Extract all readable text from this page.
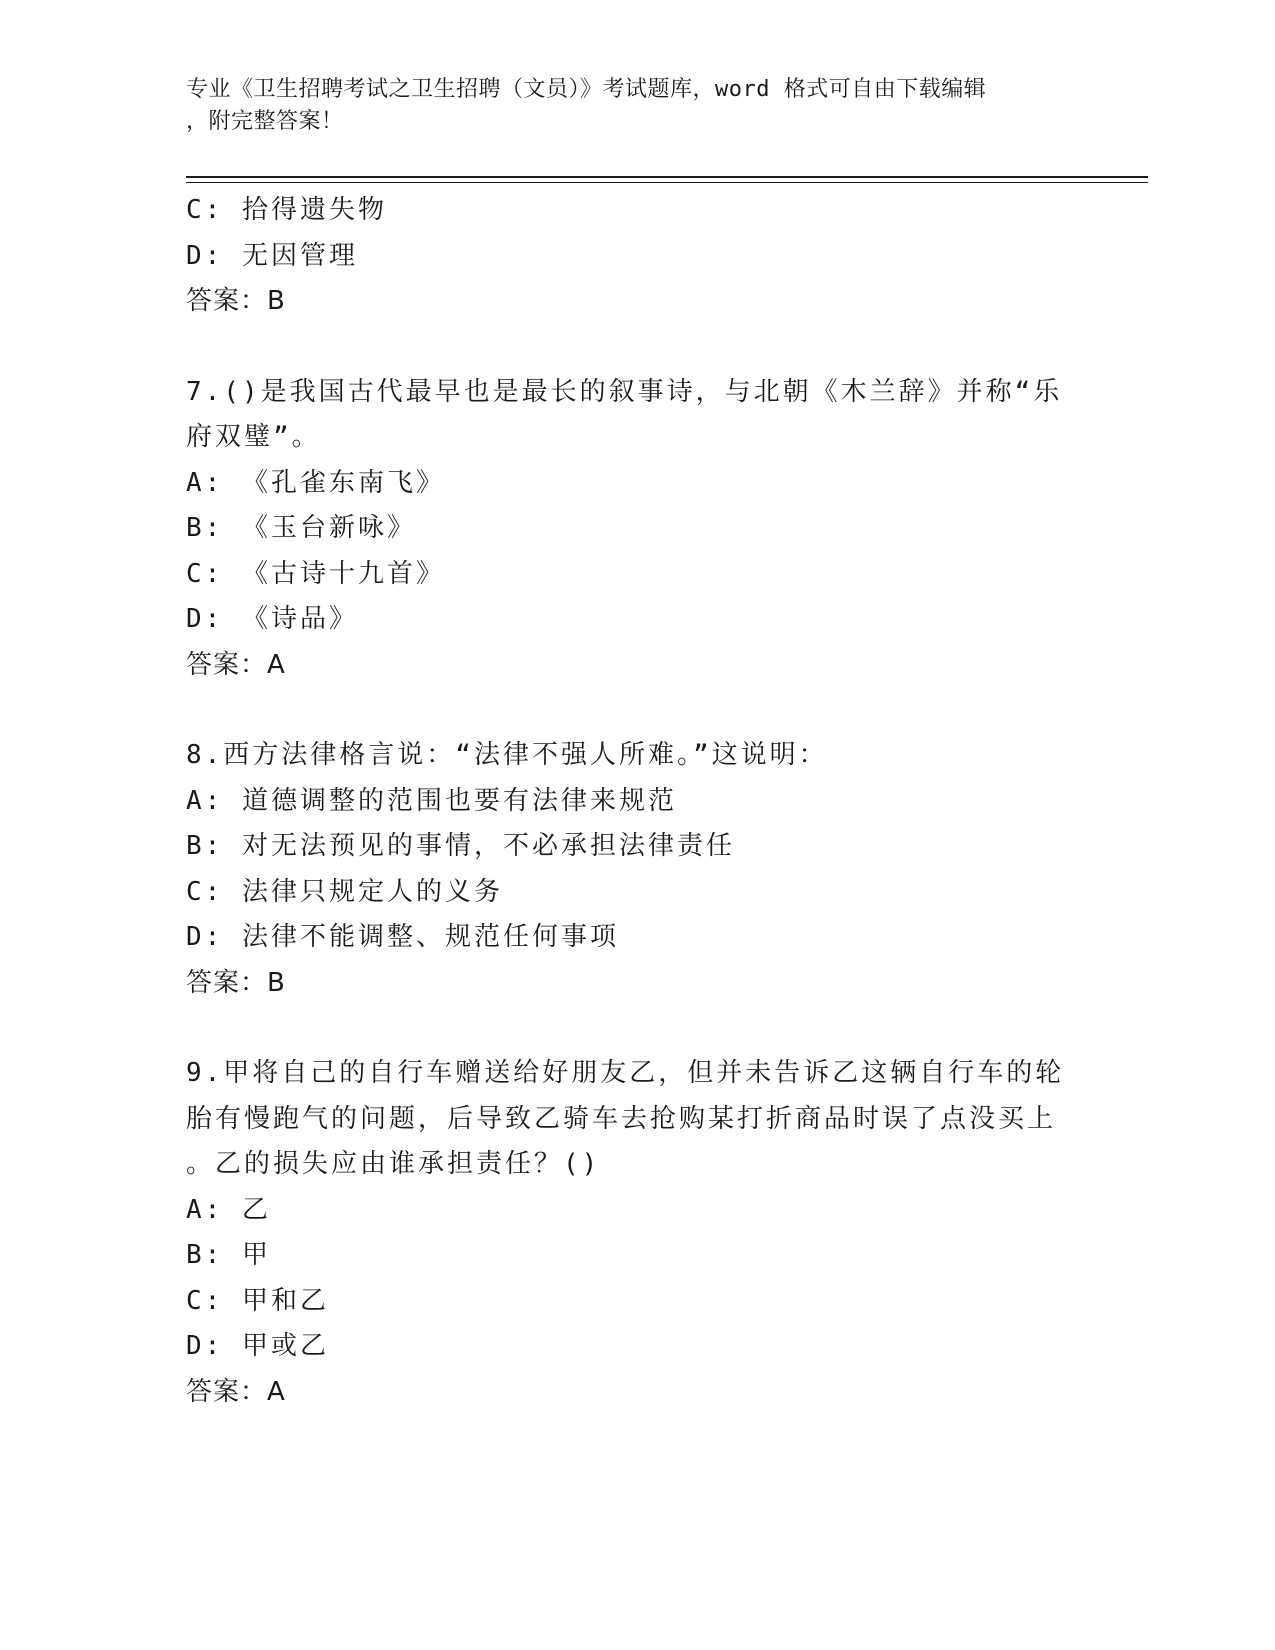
专业《卫生招聘考试之卫生招聘（文员）》考试题库，word 格式可自由下载编辑
，附完整答案！
C: 拾得遗失物
D: 无因管理
答案：B
7.()是我国古代最早也是最长的叙事诗，与北朝《木兰辞》并称“乐
府双璧”。
A: 《孔雀东南飞》
B: 《玉台新咏》
C: 《古诗十九首》
D: 《诗品》
答案：A
8.西方法律格言说：“法律不强人所难。”这说明：
A: 道德调整的范围也要有法律来规范
B: 对无法预见的事情，不必承担法律责任
C: 法律只规定人的义务
D: 法律不能调整、规范任何事项
答案：B
9.甲将自己的自行车赠送给好朋友乙，但并未告诉乙这辆自行车的轮
胎有慢跑气的问题，后导致乙骑车去抢购某打折商品时误了点没买上
。乙的损失应由谁承担责任？()
A: 乙
B: 甲
C: 甲和乙
D: 甲或乙
答案：A
